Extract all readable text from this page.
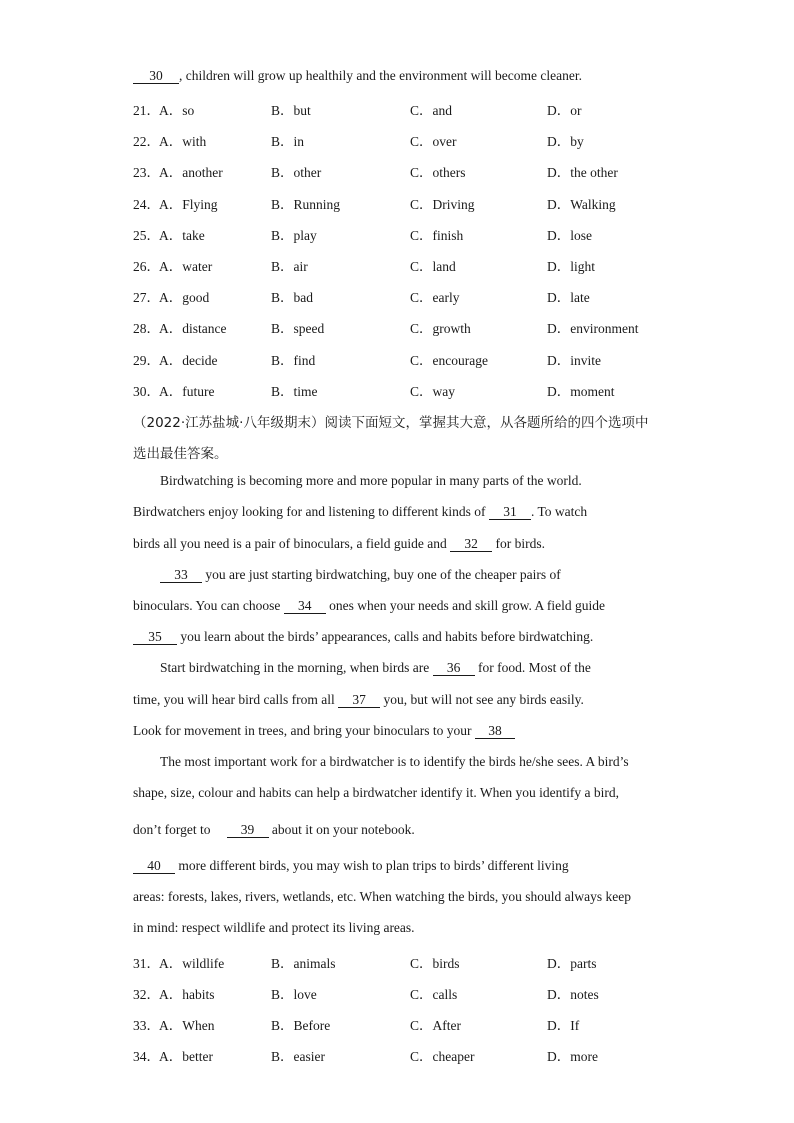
30 , children will grow up healthily and the environment will become cleaner.
21． A．so	B．but	C．and	D．or
22． A．with	B．in	C．over	D．by
23． A．another	B．other	C．others	D．the other
24． A．Flying	B．Running	C．Driving	D．Walking
25． A．take	B．play	C．finish	D．lose
26． A．water	B．air	C．land	D．light
27． A．good	B．bad	C．early	D．late
28． A．distance	B．speed	C．growth	D．environment
29． A．decide	B．find	C．encourage	D．invite
30． A．future	B．time	C．way	D．moment
（2022·江苏盐城·八年级期末）阅读下面短文，掌握其大意，从各题所给的四个选项中
选出最佳答案。
Birdwatching is becoming more and more popular in many parts of the world.
Birdwatchers enjoy looking for and listening to different kinds of 31 . To watch
birds all you need is a pair of binoculars, a field guide and 32 for birds.
33 you are just starting birdwatching, buy one of the cheaper pairs of
binoculars. You can choose 34 ones when your needs and skill grow. A field guide
35 you learn about the birds’ appearances, calls and habits before birdwatching.
Start birdwatching in the morning, when birds are 36 for food. Most of the
time, you will hear bird calls from all 37 you, but will not see any birds easily.
Look for movement in trees, and bring your binoculars to your 38
The most important work for a birdwatcher is to identify the birds he/she sees. A bird’s
shape, size, colour and habits can help a birdwatcher identify it. When you identify a bird,
don’t forget to 39 about it on your notebook.
40 more different birds, you may wish to plan trips to birds’ different living
areas: forests, lakes, rivers, wetlands, etc. When watching the birds, you should always keep
in mind: respect wildlife and protect its living areas.
31． A．wildlife	B．animals	C．birds	D．parts
32． A．habits	B．love	C．calls	D．notes
33． A．When	B．Before	C．After	D．If
34． A．better	B．easier	C．cheaper	D．more
